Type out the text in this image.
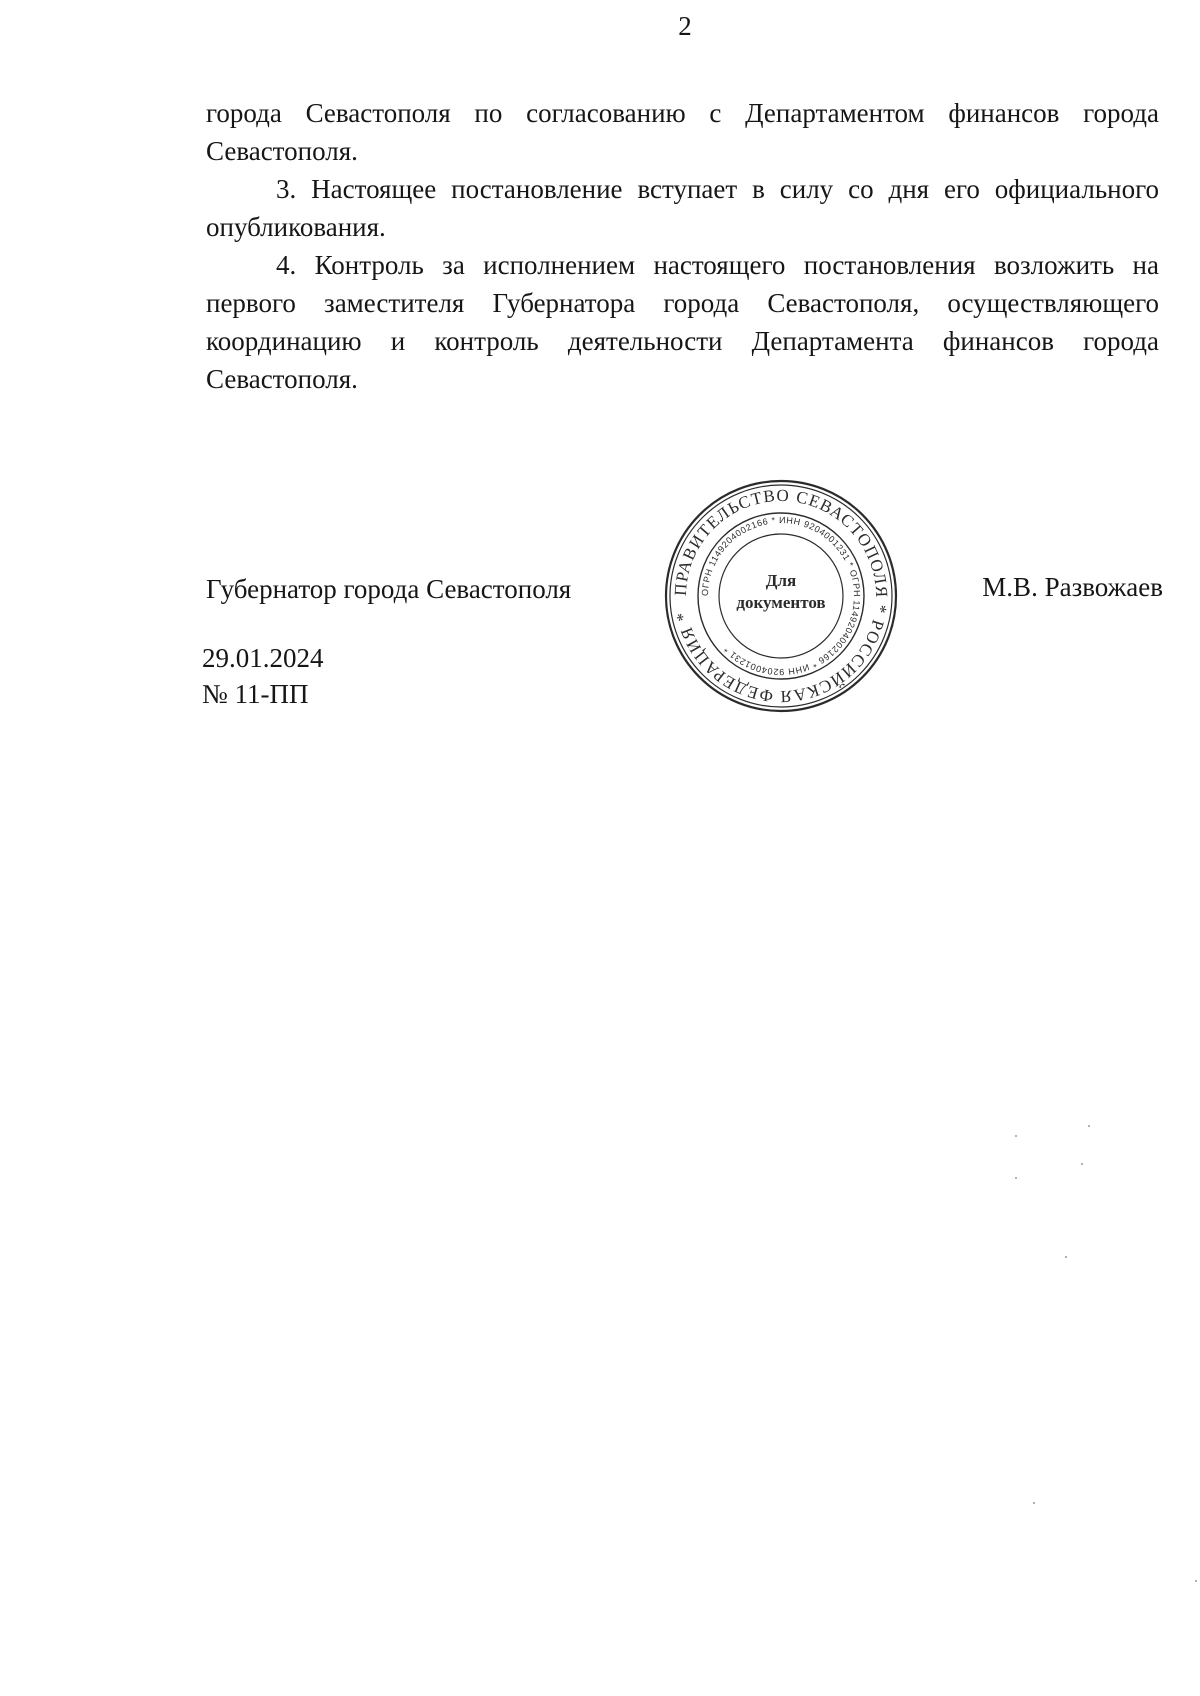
2

города Севастополя по согласованию с Департаментом финансов города Севастополя.

3. Настоящее постановление вступает в силу со дня его официального опубликования.

4. Контроль за исполнением настоящего постановления возложить на первого заместителя Губернатора города Севастополя, осуществляющего координацию и контроль деятельности Департамента финансов города Севастополя.

Губернатор города Севастополя	М.В. Развожаев
29.01.2024
№ 11-ПП
ПРАВИТЕЛЬСТВО СЕВАСТОПОЛЯ * РОССИЙСКАЯ ФЕДЕРАЦИЯ *
ОГРН 1149204002166 * ИНН 9204001231 * ОГРН 1149204002166 * ИНН 9204001231 *
Для
документов
